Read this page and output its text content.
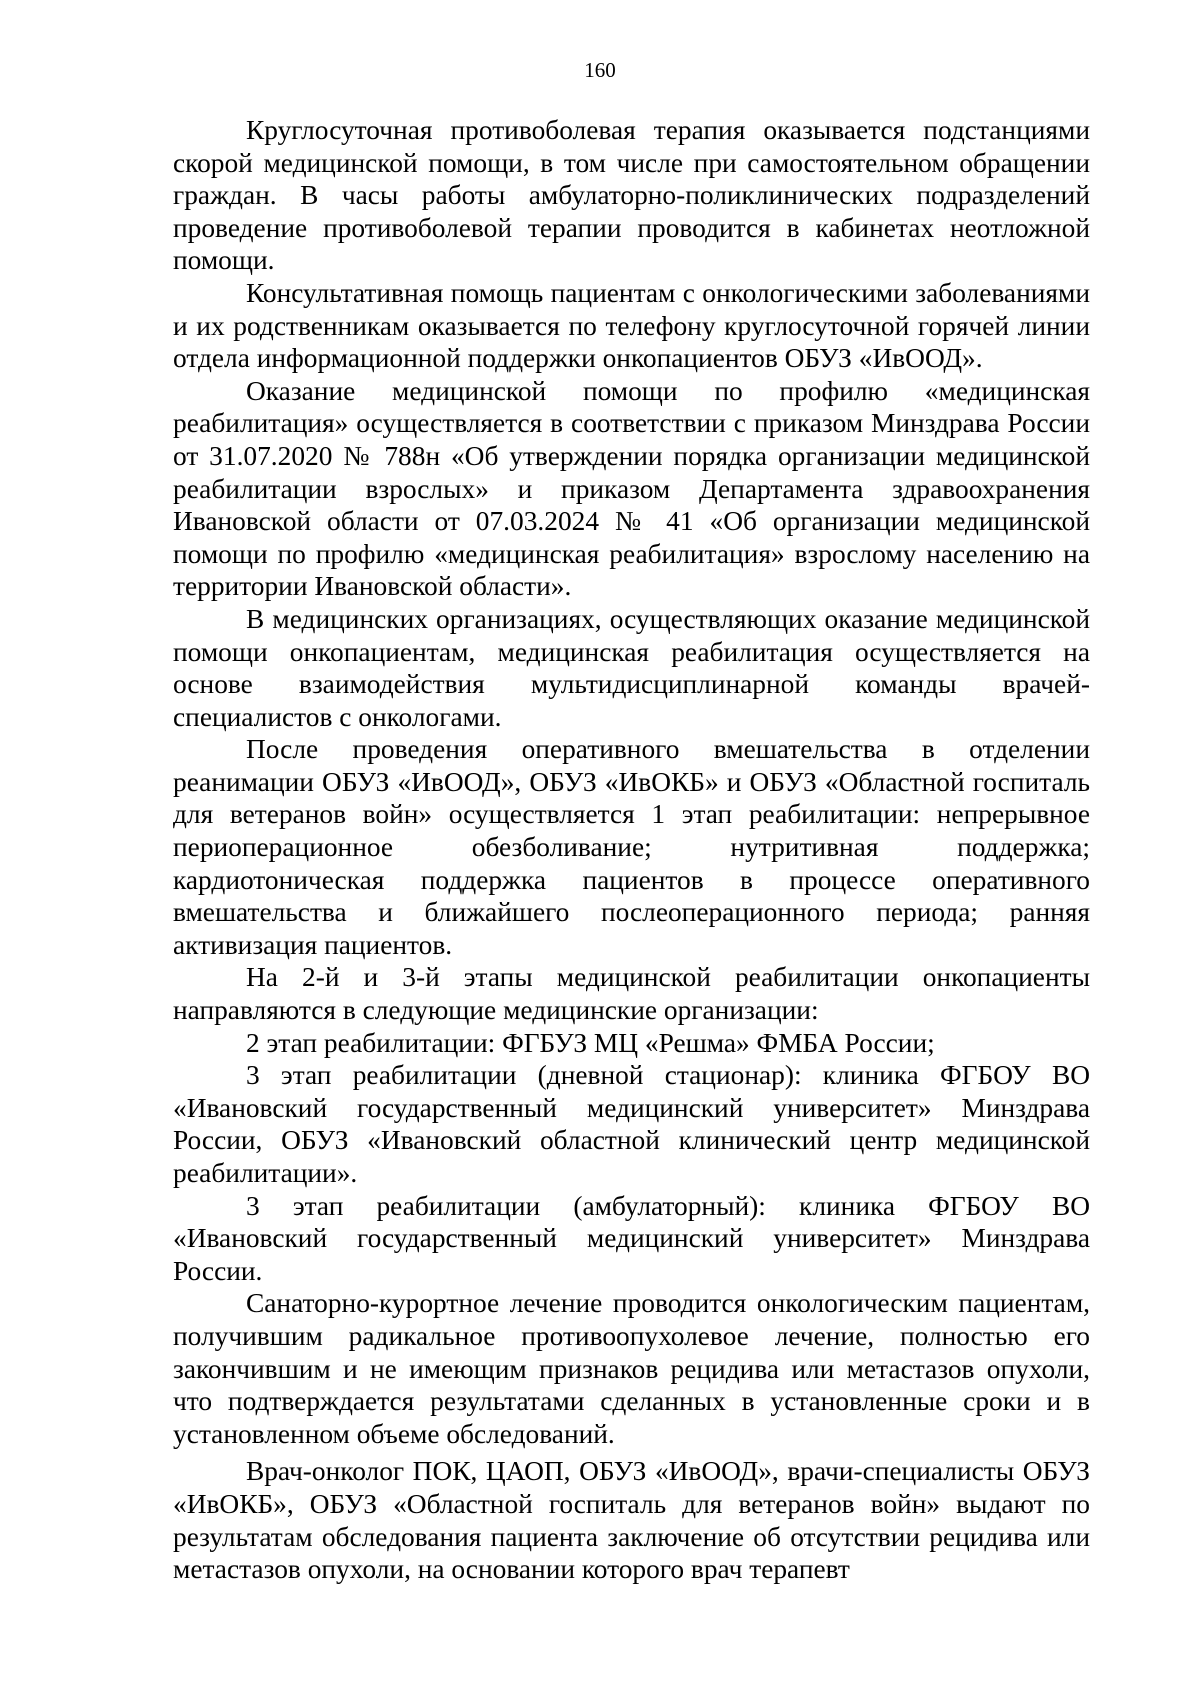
160

Круглосуточная противоболевая терапия оказывается подстанциями скорой медицинской помощи, в том числе при самостоятельном обращении граждан. В часы работы амбулаторно-поликлинических подразделений проведение противоболевой терапии проводится в кабинетах неотложной помощи.

Консультативная помощь пациентам с онкологическими заболеваниями и их родственникам оказывается по телефону круглосуточной горячей линии отдела информационной поддержки онкопациентов ОБУЗ «ИвООД».

Оказание медицинской помощи по профилю «медицинская реабилитация» осуществляется в соответствии с приказом Минздрава России от 31.07.2020 № 788н «Об утверждении порядка организации медицинской реабилитации взрослых» и приказом Департамента здравоохранения Ивановской области от 07.03.2024 № 41 «Об организации медицинской помощи по профилю «медицинская реабилитация» взрослому населению на территории Ивановской области».

В медицинских организациях, осуществляющих оказание медицинской помощи онкопациентам, медицинская реабилитация осуществляется на основе взаимодействия мультидисциплинарной команды врачей-специалистов с онкологами.

После проведения оперативного вмешательства в отделении реанимации ОБУЗ «ИвООД», ОБУЗ «ИвОКБ» и ОБУЗ «Областной госпиталь для ветеранов войн» осуществляется 1 этап реабилитации: непрерывное периоперационное обезболивание; нутритивная поддержка; кардиотоническая поддержка пациентов в процессе оперативного вмешательства и ближайшего послеоперационного периода; ранняя активизация пациентов.

На 2-й и 3-й этапы медицинской реабилитации онкопациенты направляются в следующие медицинские организации:

2 этап реабилитации: ФГБУЗ МЦ «Решма» ФМБА России;

3 этап реабилитации (дневной стационар): клиника ФГБОУ ВО «Ивановский государственный медицинский университет» Минздрава России, ОБУЗ «Ивановский областной клинический центр медицинской реабилитации».

3 этап реабилитации (амбулаторный): клиника ФГБОУ ВО «Ивановский государственный медицинский университет» Минздрава России.

Санаторно-курортное лечение проводится онкологическим пациентам, получившим радикальное противоопухолевое лечение, полностью его закончившим и не имеющим признаков рецидива или метастазов опухоли, что подтверждается результатами сделанных в установленные сроки и в установленном объеме обследований.

Врач-онколог ПОК, ЦАОП, ОБУЗ «ИвООД», врачи-специалисты ОБУЗ «ИвОКБ», ОБУЗ «Областной госпиталь для ветеранов войн» выдают по результатам обследования пациента заключение об отсутствии рецидива или метастазов опухоли, на основании которого врач терапевт
